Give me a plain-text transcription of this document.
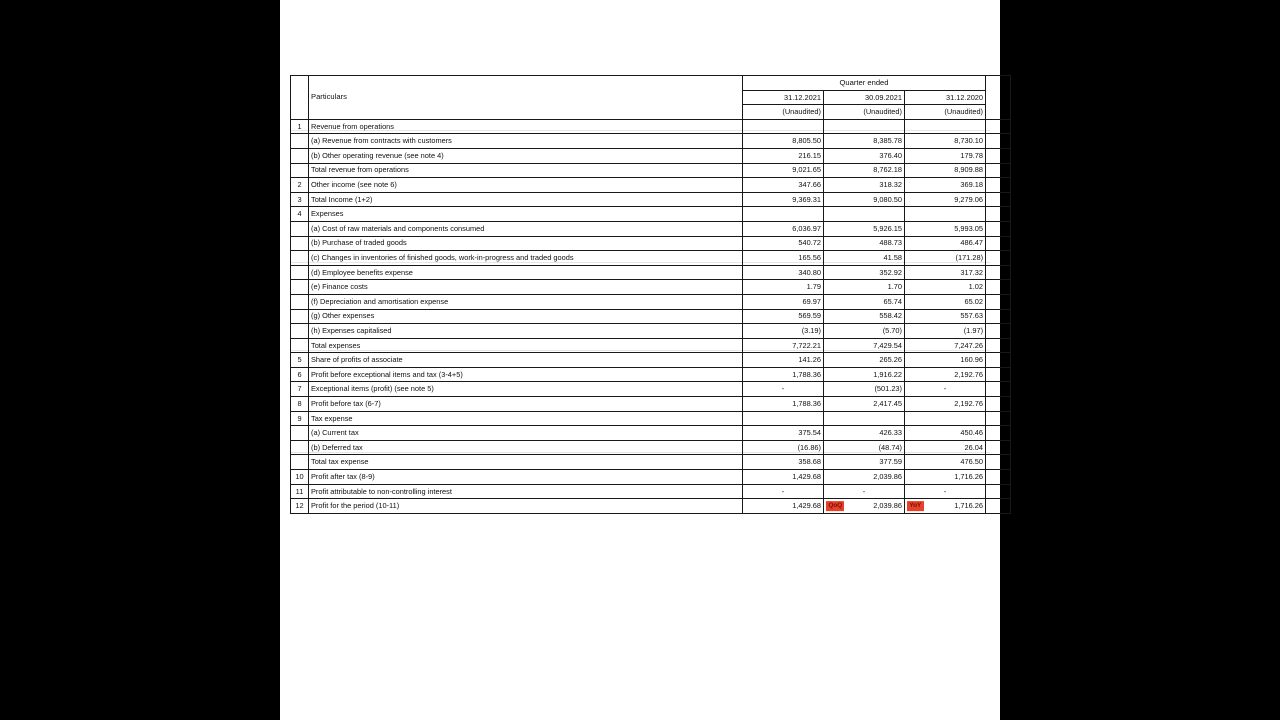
	Particulars	Quarter ended			
		31.12.2021	30.09.2021	31.12.2020	
		(Unaudited)	(Unaudited)	(Unaudited)	
1	Revenue from operations				
	(a) Revenue from contracts with customers	8,805.50	8,385.78	8,730.10	
	(b) Other operating revenue (see note 4)	216.15	376.40	179.78	
	Total revenue from operations	9,021.65	8,762.18	8,909.88	
2	Other income (see note 6)	347.66	318.32	369.18	
3	Total Income (1+2)	9,369.31	9,080.50	9,279.06	
4	Expenses				
	(a) Cost of raw materials and components consumed	6,036.97	5,926.15	5,993.05	
	(b) Purchase of traded goods	540.72	488.73	486.47	
	(c) Changes in inventories of finished goods, work-in-progress and traded goods	165.56	41.58	(171.28)	
	(d) Employee benefits expense	340.80	352.92	317.32	
	(e) Finance costs	1.79	1.70	1.02	
	(f) Depreciation and amortisation expense	69.97	65.74	65.02	
	(g) Other expenses	569.59	558.42	557.63	
	(h) Expenses capitalised	(3.19)	(5.70)	(1.97)	
	Total expenses	7,722.21	7,429.54	7,247.26	
5	Share of profits of associate	141.26	265.26	160.96	
6	Profit before exceptional items and tax (3-4+5)	1,788.36	1,916.22	2,192.76	
7	Exceptional items (profit) (see note 5)	-	(501.23)	-	
8	Profit before tax (6-7)	1,788.36	2,417.45	2,192.76	
9	Tax expense				
	(a) Current tax	375.54	426.33	450.46	
	(b) Deferred tax	(16.86)	(48.74)	26.04	
	Total tax expense	358.68	377.59	476.50	
10	Profit after tax (8-9)	1,429.68	2,039.86	1,716.26	
11	Profit attributable to non-controlling interest	-	-	-	
12	Profit for the period (10-11)	1,429.68	QoQ 2,039.86	YoY 1,716.26	
